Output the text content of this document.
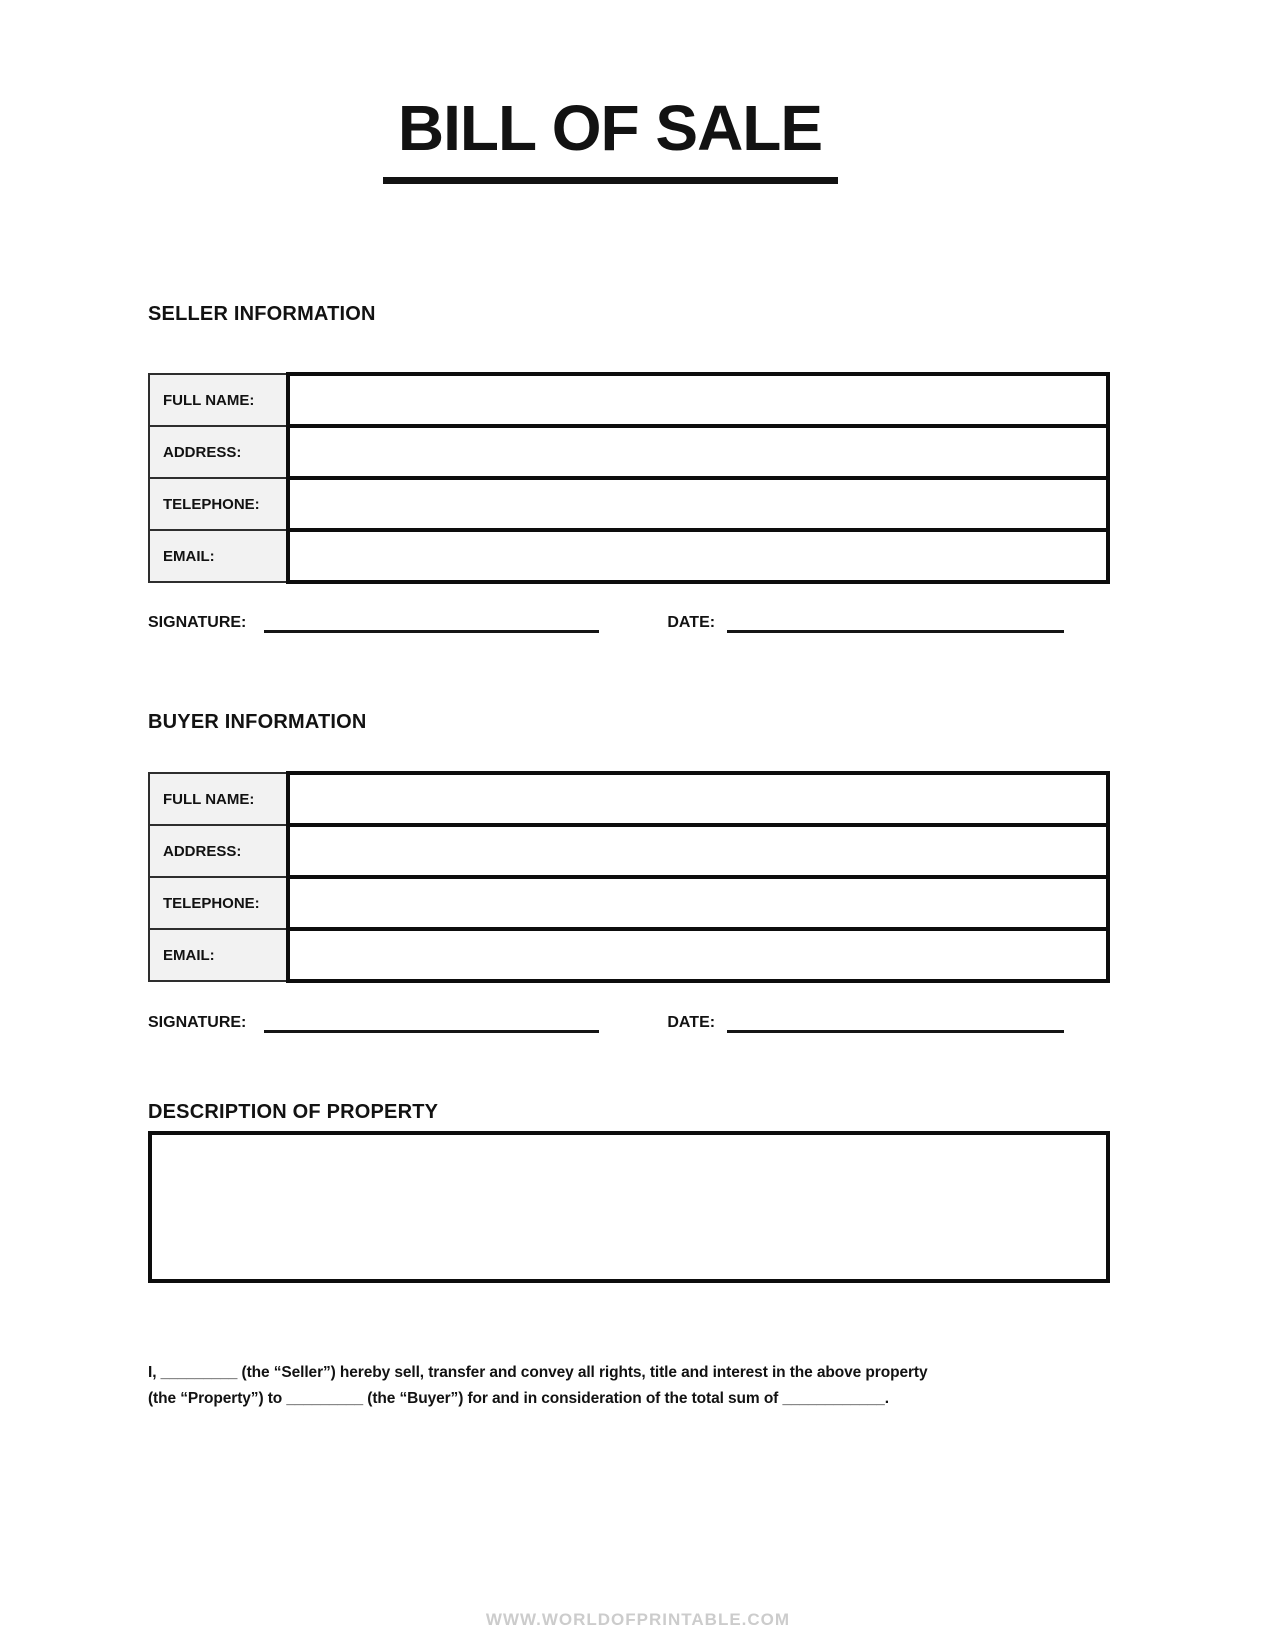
BILL OF SALE
SELLER INFORMATION
FULL NAME:	
ADDRESS:	
TELEPHONE:	
EMAIL:	
SIGNATURE:	DATE:
BUYER INFORMATION
FULL NAME:	
ADDRESS:	
TELEPHONE:	
EMAIL:	
SIGNATURE:	DATE:
DESCRIPTION OF PROPERTY
I, _________ (the “Seller”) hereby sell, transfer and convey all rights, title and interest in the above property
(the “Property”) to _________ (the “Buyer”) for and in consideration of the total sum of ____________.
WWW.WORLDOFPRINTABLE.COM
